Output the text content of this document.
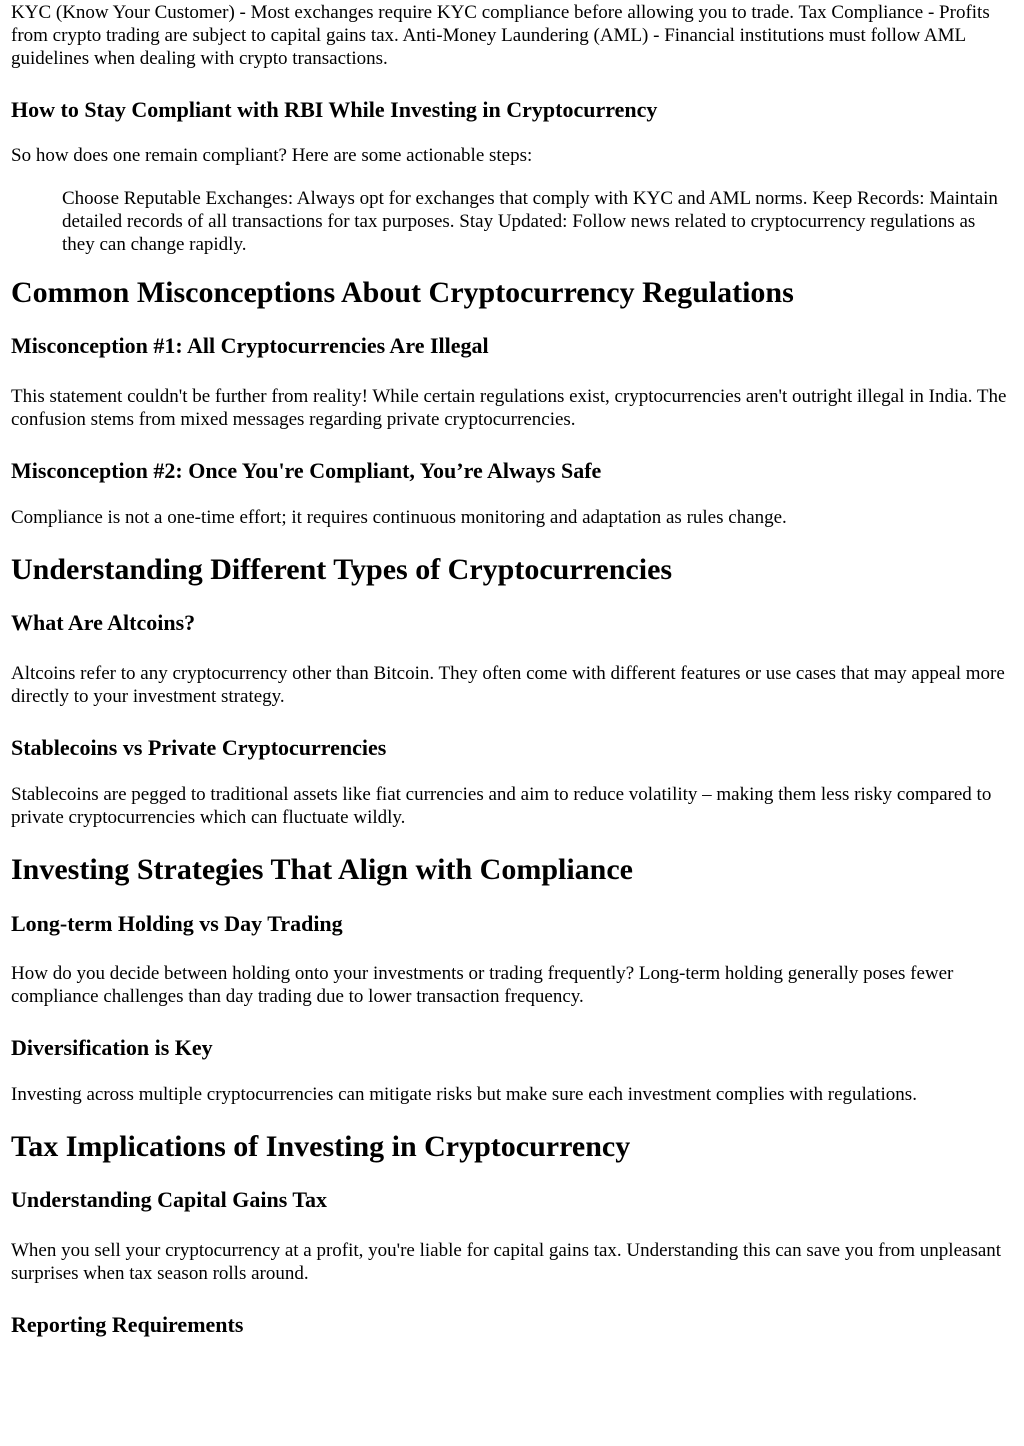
KYC (Know Your Customer) - Most exchanges require KYC compliance before allowing you to trade. Tax Compliance - Profits from crypto trading are subject to capital gains tax. Anti-Money Laundering (AML) - Financial institutions must follow AML guidelines when dealing with crypto transactions.

How to Stay Compliant with RBI While Investing in Cryptocurrency

So how does one remain compliant? Here are some actionable steps:

Choose Reputable Exchanges: Always opt for exchanges that comply with KYC and AML norms. Keep Records: Maintain detailed records of all transactions for tax purposes. Stay Updated: Follow news related to cryptocurrency regulations as they can change rapidly.
Common Misconceptions About Cryptocurrency Regulations
Misconception #1: All Cryptocurrencies Are Illegal

This statement couldn't be further from reality! While certain regulations exist, cryptocurrencies aren't outright illegal in India. The confusion stems from mixed messages regarding private cryptocurrencies.

Misconception #2: Once You're Compliant, You’re Always Safe

Compliance is not a one-time effort; it requires continuous monitoring and adaptation as rules change.

Understanding Different Types of Cryptocurrencies
What Are Altcoins?

Altcoins refer to any cryptocurrency other than Bitcoin. They often come with different features or use cases that may appeal more directly to your investment strategy.

Stablecoins vs Private Cryptocurrencies

Stablecoins are pegged to traditional assets like fiat currencies and aim to reduce volatility – making them less risky compared to private cryptocurrencies which can fluctuate wildly.

Investing Strategies That Align with Compliance
Long-term Holding vs Day Trading

How do you decide between holding onto your investments or trading frequently? Long-term holding generally poses fewer compliance challenges than day trading due to lower transaction frequency.

Diversification is Key

Investing across multiple cryptocurrencies can mitigate risks but make sure each investment complies with regulations.

Tax Implications of Investing in Cryptocurrency
Understanding Capital Gains Tax

When you sell your cryptocurrency at a profit, you're liable for capital gains tax. Understanding this can save you from unpleasant surprises when tax season rolls around.

Reporting Requirements
